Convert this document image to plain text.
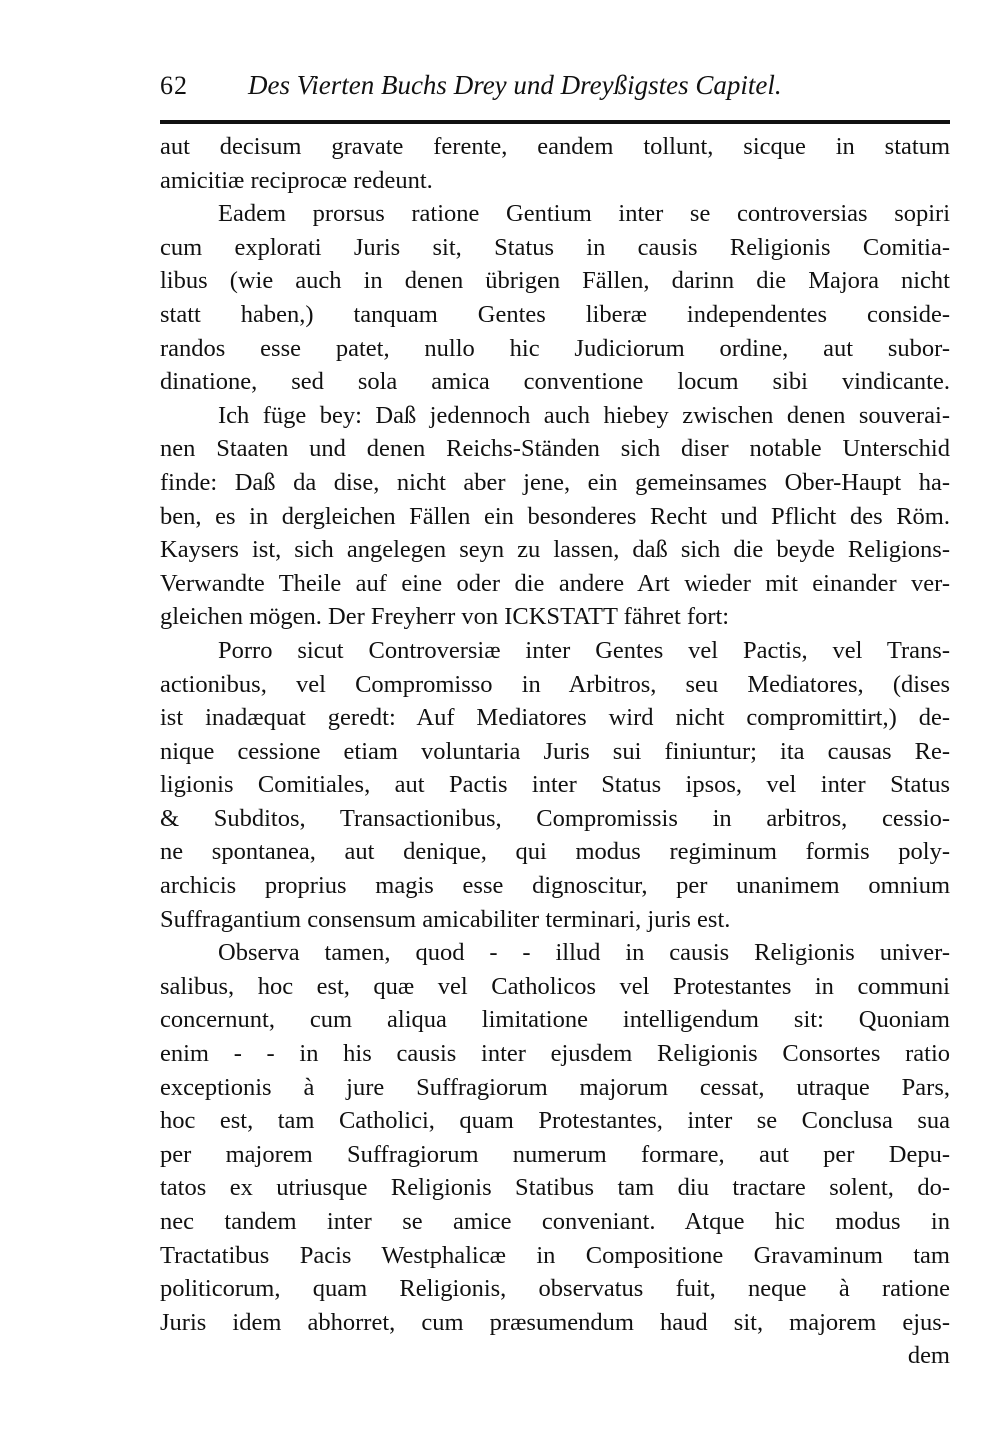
62	Des Vierten Buchs Drey und Dreyßigstes Capitel.
aut decisum gravate ferente, eandem tollunt, sicque in statum
amicitiæ reciprocæ redeunt.
Eadem prorsus ratione Gentium inter se controversias sopiri
cum explorati Juris sit, Status in causis Religionis Comitia-
libus (wie auch in denen übrigen Fällen, darinn die Majora nicht
statt haben,) tanquam Gentes liberæ independentes conside-
randos esse patet, nullo hic Judiciorum ordine, aut subor-
dinatione, sed sola amica conventione locum sibi vindicante.
Ich füge bey: Daß jedennoch auch hiebey zwischen denen souverai-
nen Staaten und denen Reichs-Ständen sich diser notable Unterschid
finde: Daß da dise, nicht aber jene, ein gemeinsames Ober-Haupt ha-
ben, es in dergleichen Fällen ein besonderes Recht und Pflicht des Röm.
Kaysers ist, sich angelegen seyn zu lassen, daß sich die beyde Religions-
Verwandte Theile auf eine oder die andere Art wieder mit einander ver-
gleichen mögen. Der Freyherr von ICKSTATT fähret fort:
Porro sicut Controversiæ inter Gentes vel Pactis, vel Trans-
actionibus, vel Compromisso in Arbitros, seu Mediatores, (dises
ist inadæquat geredt: Auf Mediatores wird nicht compromittirt,) de-
nique cessione etiam voluntaria Juris sui finiuntur; ita causas Re-
ligionis Comitiales, aut Pactis inter Status ipsos, vel inter Status
& Subditos, Transactionibus, Compromissis in arbitros, cessio-
ne spontanea, aut denique, qui modus regiminum formis poly-
archicis proprius magis esse dignoscitur, per unanimem omnium
Suffragantium consensum amicabiliter terminari, juris est.
Observa tamen, quod - - illud in causis Religionis univer-
salibus, hoc est, quæ vel Catholicos vel Protestantes in communi
concernunt, cum aliqua limitatione intelligendum sit: Quoniam
enim - - in his causis inter ejusdem Religionis Consortes ratio
exceptionis à jure Suffragiorum majorum cessat, utraque Pars,
hoc est, tam Catholici, quam Protestantes, inter se Conclusa sua
per majorem Suffragiorum numerum formare, aut per Depu-
tatos ex utriusque Religionis Statibus tam diu tractare solent, do-
nec tandem inter se amice conveniant. Atque hic modus in
Tractatibus Pacis Westphalicæ in Compositione Gravaminum tam
politicorum, quam Religionis, observatus fuit, neque à ratione
Juris idem abhorret, cum præsumendum haud sit, majorem ejus-
dem
